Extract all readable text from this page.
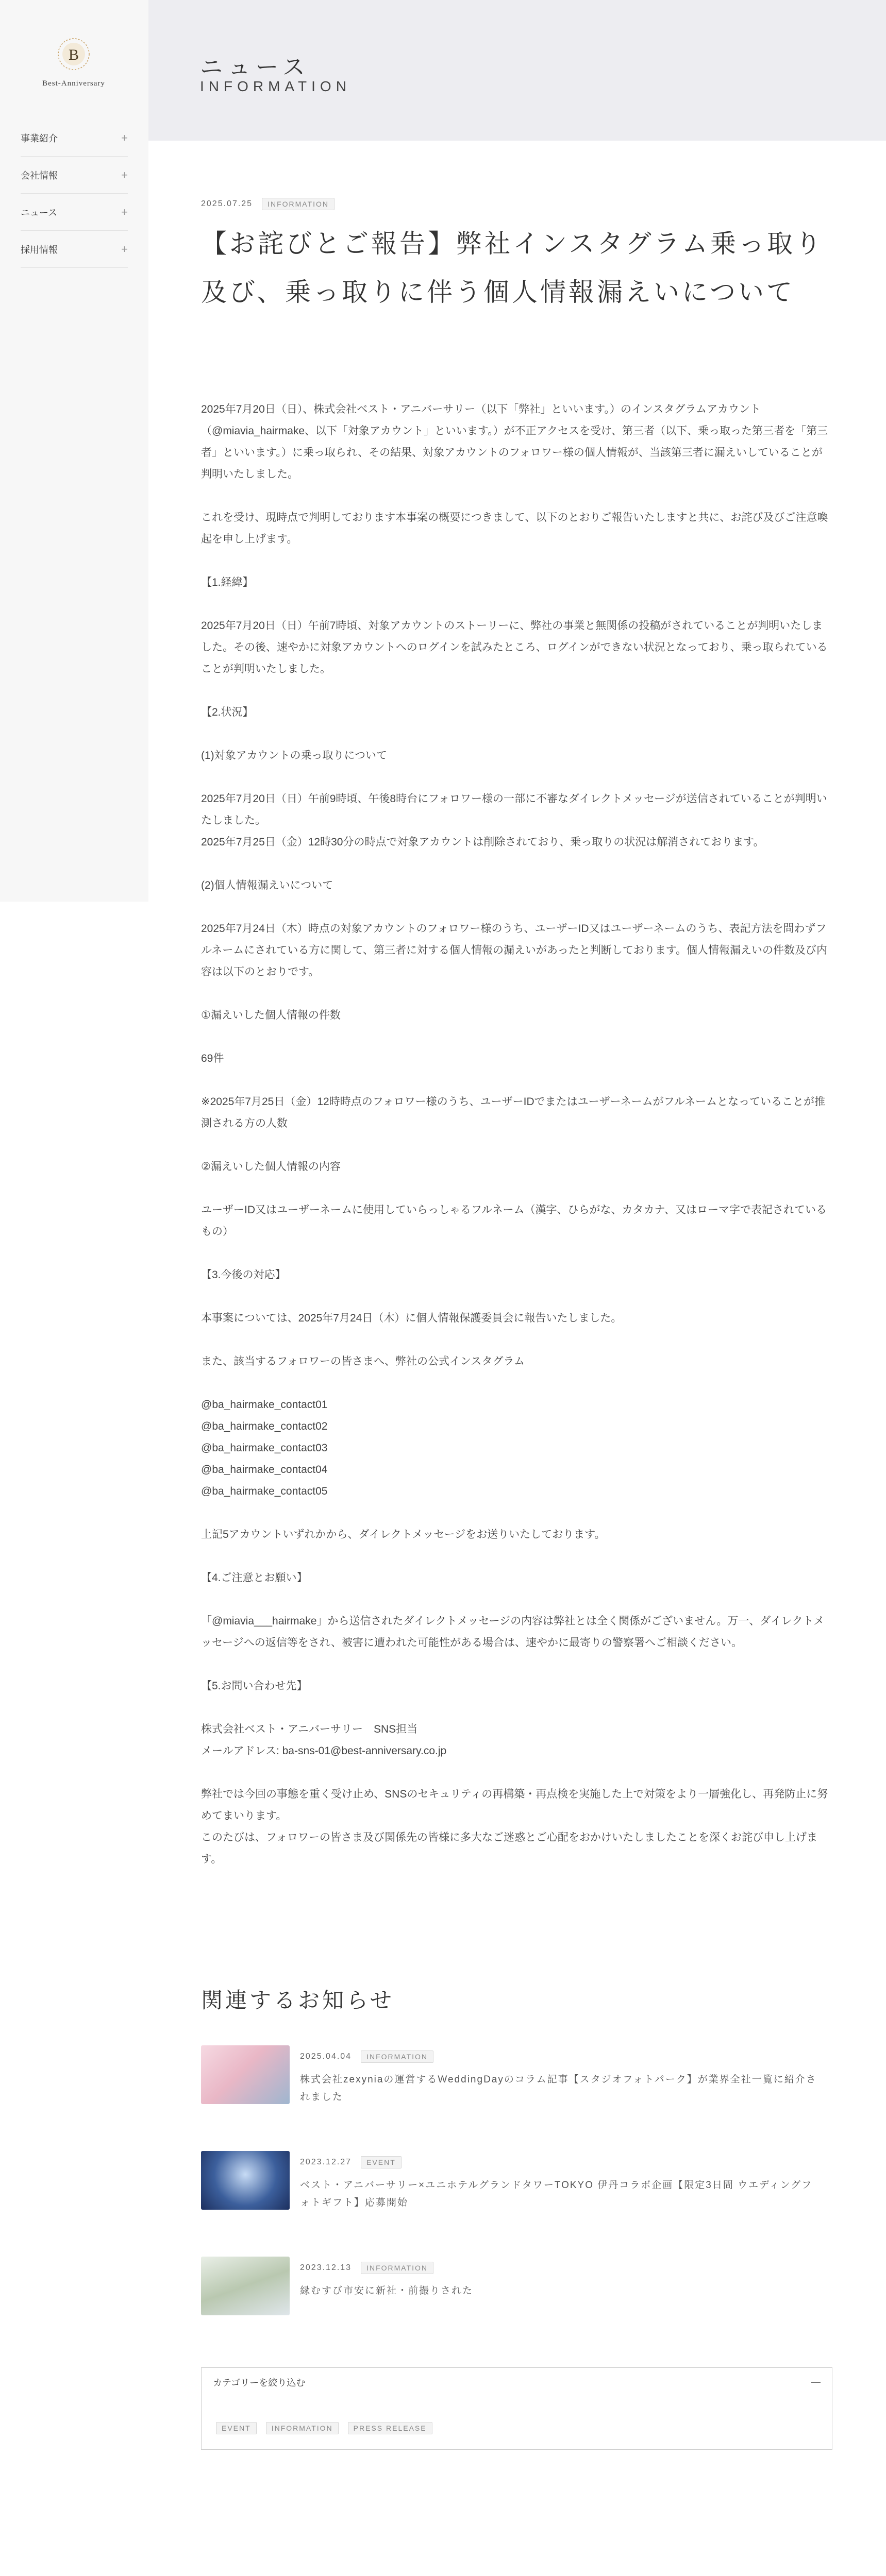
B
Best-Anniversary
事業紹介	+
会社情報	+
ニュース	+
採用情報	+
ニュース
INFORMATION
2025.07.25	INFORMATION
【お詫びとご報告】弊社インスタグラム乗っ取り及び、乗っ取りに伴う個人情報漏えいについて

2025年7月20日（日）、株式会社ベスト・アニバーサリー（以下「弊社」といいます。）のインスタグラムアカウント（@miavia_hairmake、以下「対象アカウント」といいます。）が不正アクセスを受け、第三者（以下、乗っ取った第三者を「第三者」といいます。）に乗っ取られ、その結果、対象アカウントのフォロワー様の個人情報が、当該第三者に漏えいしていることが判明いたしました。

これを受け、現時点で判明しております本事案の概要につきまして、以下のとおりご報告いたしますと共に、お詫び及びご注意喚起を申し上げます。

【1.経緯】

2025年7月20日（日）午前7時頃、対象アカウントのストーリーに、弊社の事業と無関係の投稿がされていることが判明いたしました。その後、速やかに対象アカウントへのログインを試みたところ、ログインができない状況となっており、乗っ取られていることが判明いたしました。

【2.状況】

(1)対象アカウントの乗っ取りについて

2025年7月20日（日）午前9時頃、午後8時台にフォロワー様の一部に不審なダイレクトメッセージが送信されていることが判明いたしました。

2025年7月25日（金）12時30分の時点で対象アカウントは削除されており、乗っ取りの状況は解消されております。

(2)個人情報漏えいについて

2025年7月24日（木）時点の対象アカウントのフォロワー様のうち、ユーザーID又はユーザーネームのうち、表記方法を問わずフルネームにされている方に関して、第三者に対する個人情報の漏えいがあったと判断しております。個人情報漏えいの件数及び内容は以下のとおりです。

①漏えいした個人情報の件数

69件

※2025年7月25日（金）12時時点のフォロワー様のうち、ユーザーIDでまたはユーザーネームがフルネームとなっていることが推測される方の人数

②漏えいした個人情報の内容

ユーザーID又はユーザーネームに使用していらっしゃるフルネーム（漢字、ひらがな、カタカナ、又はローマ字で表記されているもの）

【3.今後の対応】

本事案については、2025年7月24日（木）に個人情報保護委員会に報告いたしました。

また、該当するフォロワーの皆さまへ、弊社の公式インスタグラム

@ba_hairmake_contact01

@ba_hairmake_contact02

@ba_hairmake_contact03

@ba_hairmake_contact04

@ba_hairmake_contact05

上記5アカウントいずれかから、ダイレクトメッセージをお送りいたしております。

【4.ご注意とお願い】

「@miavia___hairmake」から送信されたダイレクトメッセージの内容は弊社とは全く関係がございません。万一、ダイレクトメッセージへの返信等をされ、被害に遭われた可能性がある場合は、速やかに最寄りの警察署へご相談ください。

【5.お問い合わせ先】

株式会社ベスト・アニバーサリー　SNS担当

メールアドレス: ba-sns-01@best-anniversary.co.jp

弊社では今回の事態を重く受け止め、SNSのセキュリティの再構築・再点検を実施した上で対策をより一層強化し、再発防止に努めてまいります。

このたびは、フォロワーの皆さま及び関係先の皆様に多大なご迷惑とご心配をおかけいたしましたことを深くお詫び申し上げます。

関連するお知らせ
2025.04.04	INFORMATION
株式会社zexyniaの運営するWeddingDayのコラム記事【スタジオフォトパーク】が業界全社一覧に紹介されました
2023.12.27	EVENT
ベスト・アニバーサリー×ユニホテルグランドタワーTOKYO 伊丹コラボ企画【限定3日間 ウエディングフォトギフト】応募開始
2023.12.13	INFORMATION
縁むすび市安に新社・前撮りされた
カテゴリーを絞り込む
EVENT	INFORMATION	PRESS RELEASE
